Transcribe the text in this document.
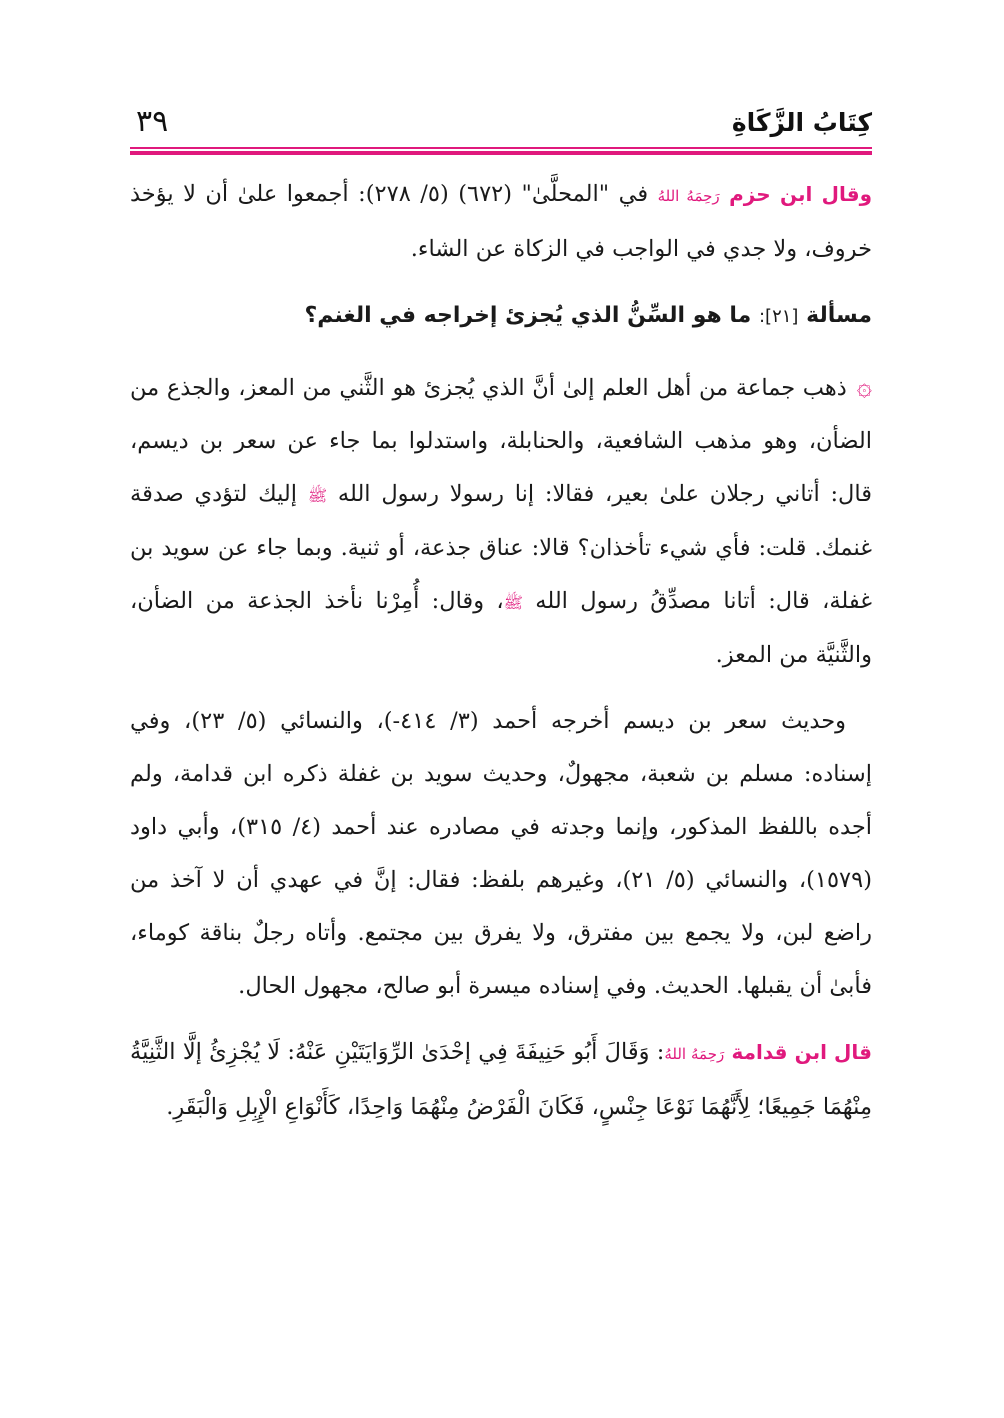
كِتَابُ الزَّكَاةِ
٣٩

وقال ابن حزم رَحِمَهُ اللهُ في "المحلَّىٰ" (٦٧٢) (٥/ ٢٧٨): أجمعوا علىٰ أن لا يؤخذ خروف، ولا جدي في الواجب في الزكاة عن الشاء.

مسألة [٢١]: ما هو السِّنُّ الذي يُجزئ إخراجه في الغنم؟

۞ذهب جماعة من أهل العلم إلىٰ أنَّ الذي يُجزئ هو الثَّني من المعز، والجذع من الضأن، وهو مذهب الشافعية، والحنابلة، واستدلوا بما جاء عن سعر بن ديسم، قال: أتاني رجلان علىٰ بعير، فقالا: إنا رسولا رسول الله ﷺ إليك لتؤدي صدقة غنمك. قلت: فأي شيء تأخذان؟ قالا: عناق جذعة، أو ثنية. وبما جاء عن سويد بن غفلة، قال: أتانا مصدِّقُ رسول الله ﷺ، وقال: أُمِرْنا نأخذ الجذعة من الضأن، والثَّنيَّة من المعز.

وحديث سعر بن ديسم أخرجه أحمد (٣/ ٤١٤-)، والنسائي (٥/ ٢٣)، وفي إسناده: مسلم بن شعبة، مجهولٌ، وحديث سويد بن غفلة ذكره ابن قدامة، ولم أجده باللفظ المذكور، وإنما وجدته في مصادره عند أحمد (٤/ ٣١٥)، وأبي داود (١٥٧٩)، والنسائي (٥/ ٢١)، وغيرهم بلفظ: فقال: إنَّ في عهدي أن لا آخذ من راضع لبن، ولا يجمع بين مفترق، ولا يفرق بين مجتمع. وأتاه رجلٌ بناقة كوماء، فأبىٰ أن يقبلها. الحديث. وفي إسناده ميسرة أبو صالح، مجهول الحال.

قال ابن قدامة رَحِمَهُ اللهُ: وَقَالَ أَبُو حَنِيفَةَ فِي إحْدَىٰ الرِّوَايَتَيْنِ عَنْهُ: لَا يُجْزِئُ إلَّا الثَّنِيَّةُ مِنْهُمَا جَمِيعًا؛ لِأَنَّهُمَا نَوْعَا جِنْسٍ، فَكَانَ الْفَرْضُ مِنْهُمَا وَاحِدًا، كَأَنْوَاعِ الْإِبِلِ وَالْبَقَرِ.
